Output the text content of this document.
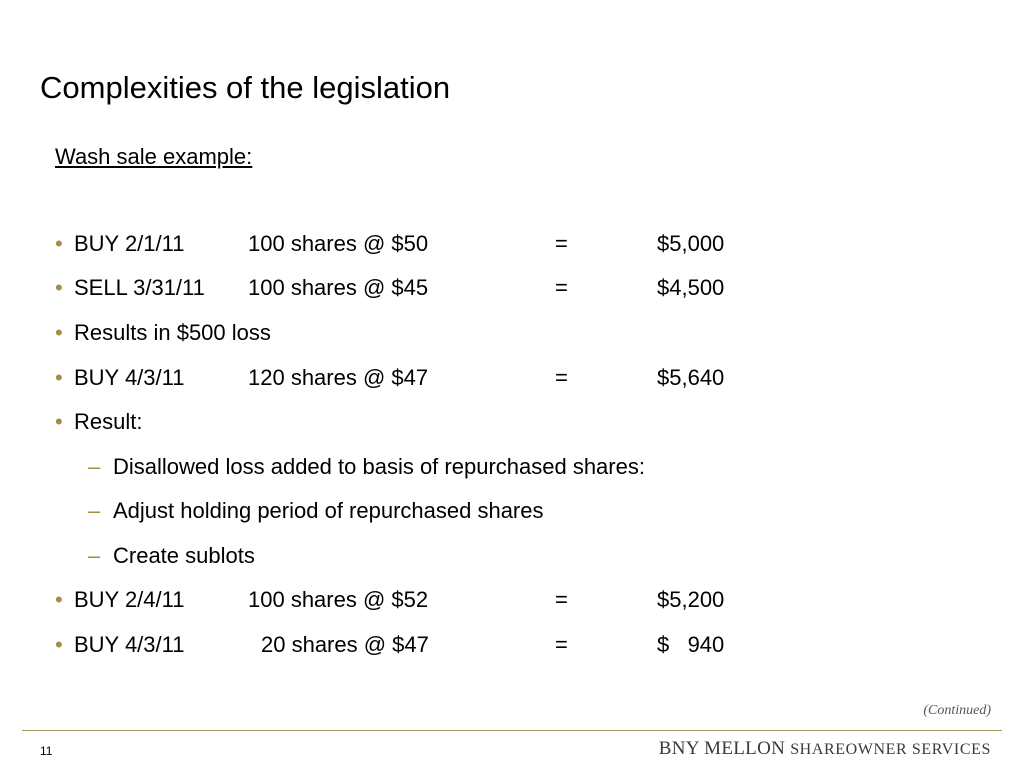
Complexities of the legislation
Wash sale example:
• BUY 2/1/11	100 shares @ $50	=	$5,000
• SELL 3/31/11 100 shares @ $45	=	$4,500
• Results in $500 loss
• BUY 4/3/11	120 shares @ $47	=	$5,640
• Result:
– Disallowed loss added to basis of repurchased shares:
– Adjust holding period of repurchased shares
– Create sublots
• BUY 2/4/11	100 shares @ $52	=	$5,200
• BUY 4/3/11	20 shares @ $47	=	$   940
(Continued)
11	BNY MELLON SHAREOWNER SERVICES
